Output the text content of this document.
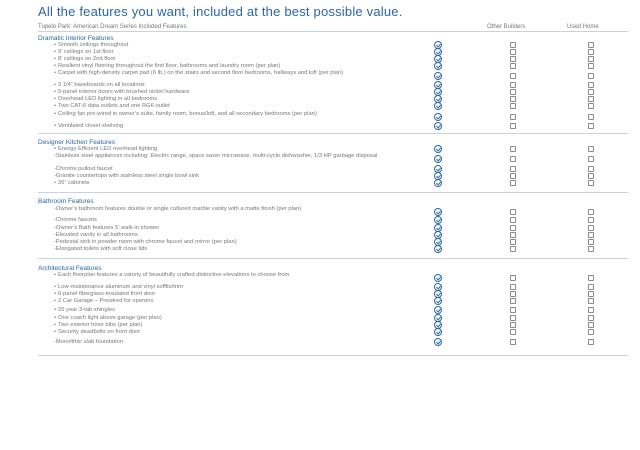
All the features you want, included at the best possible value.
Tupelo Park: American Dream Series Included Features	Other Builders	Used Home
Dramatic Interior Features
• Smooth ceilings throughout
• 9’ ceilings on 1st floor
• 8’ ceilings on 2nd floor
• Resilient vinyl flooring throughout the first floor, bathrooms and laundry room (per plan)
• Carpet with high-density carpet pad (6 lb.) on the stairs and second floor bedrooms, hallways and loft (per plan)
• 3 1/4” baseboards on all locations
• 5-panel interior doors with brushed nickel hardware
• Overhead LED lighting in all bedrooms
• Two CAT-6 data outlets and one RG6 outlet
• Ceiling fan pre-wired in owner’s suite, family room, bonus/loft, and all secondary bedrooms (per plan)
• Ventilated closet shelving
Designer Kitchen Features
• Energy Efficient LED overhead lighting
-Stainless steel appliances including: Electric range, space saver microwave, multi-cycle dishwasher, 1/3 HP garbage disposal
-Chrome pullout faucet
-Granite countertops with stainless steel single bowl sink
• 36” cabinets
Bathroom Features
-Owner’s bathroom features double or single cultured marble vanity with a matte finish (per plan)
-Chrome faucets
-Owner’s Bath features 5’ walk-in shower
-Elevated vanity in all bathrooms
-Pedestal sink in powder room with chrome faucet and mirror (per plan)
-Elongated toilets with soft close lids
Architectural Features
• Each floorplan features a variety of beautifully crafted distinctive elevations to choose from
• Low-maintenance aluminum and vinyl soffits/trim
• 6-panel fiberglass-insulated front door
• 2 Car Garage – Prewired for openers
• 25 year 3-tab shingles
• One coach light above garage (per plan)
• Two exterior hose bibs (per plan)
• Security deadbolts on front door
-Monolithic slab foundation
